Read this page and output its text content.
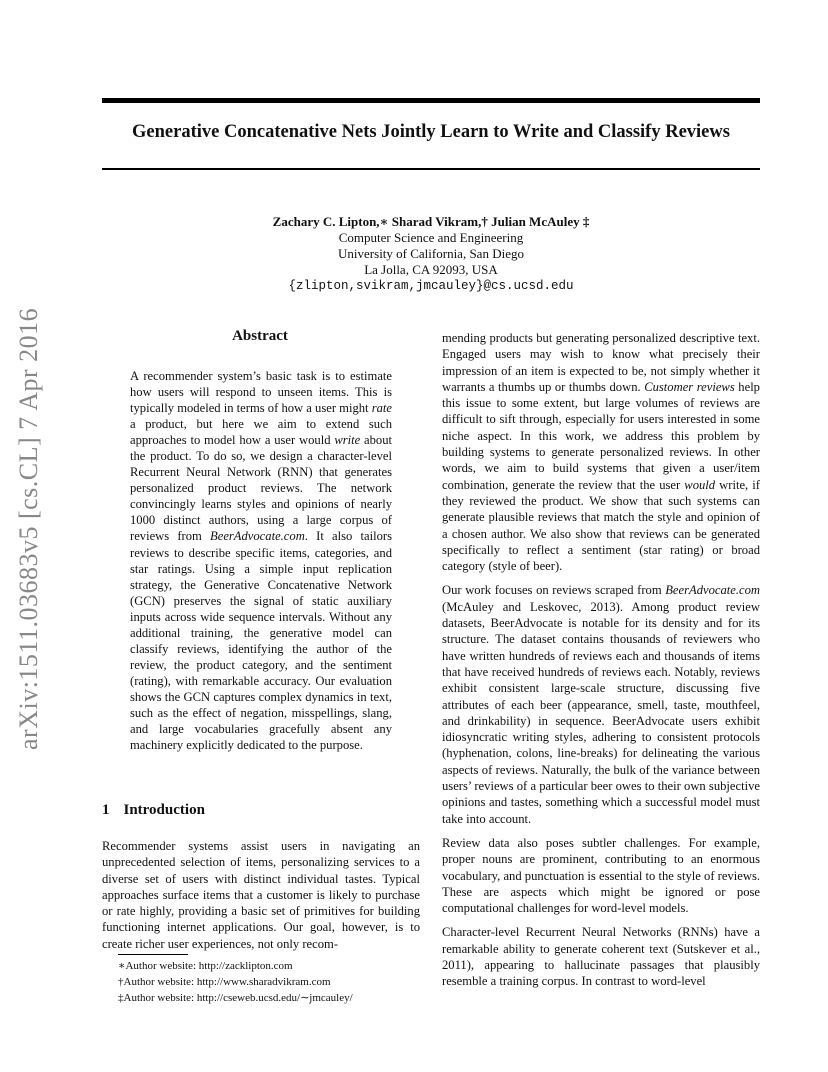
Generative Concatenative Nets Jointly Learn to Write and Classify Reviews
Zachary C. Lipton,∗ Sharad Vikram,† Julian McAuley ‡
Computer Science and Engineering
University of California, San Diego
La Jolla, CA 92093, USA
{zlipton,svikram,jmcauley}@cs.ucsd.edu
arXiv:1511.03683v5 [cs.CL] 7 Apr 2016	Abstract

A recommender system’s basic task is to estimate how users will respond to unseen items. This is typically modeled in terms of how a user might rate a product, but here we aim to extend such approaches to model how a user would write about the product. To do so, we design a character-level Recurrent Neural Network (RNN) that generates personalized product reviews. The network convincingly learns styles and opinions of nearly 1000 distinct authors, using a large corpus of reviews from BeerAdvocate.com. It also tailors reviews to describe specific items, categories, and star ratings. Using a simple input replication strategy, the Generative Concatenative Network (GCN) preserves the signal of static auxiliary inputs across wide sequence intervals. Without any additional training, the generative model can classify reviews, identifying the author of the review, the product category, and the sentiment (rating), with remarkable accuracy. Our evaluation shows the GCN captures complex dynamics in text, such as the effect of negation, misspellings, slang, and large vocabularies gracefully absent any machinery explicitly dedicated to the purpose.

1 Introduction

Recommender systems assist users in navigating an unprecedented selection of items, personalizing services to a diverse set of users with distinct individual tastes. Typical approaches surface items that a customer is likely to purchase or rate highly, providing a basic set of primitives for building functioning internet applications. Our goal, however, is to create richer user experiences, not only recom-

∗Author website: http://zacklipton.com
†Author website: http://www.sharadvikram.com
‡Author website: http://cseweb.ucsd.edu/∼jmcauley/

mending products but generating personalized descriptive text. Engaged users may wish to know what precisely their impression of an item is expected to be, not simply whether it warrants a thumbs up or thumbs down. Customer reviews help this issue to some extent, but large volumes of reviews are difficult to sift through, especially for users interested in some niche aspect. In this work, we address this problem by building systems to generate personalized reviews. In other words, we aim to build systems that given a user/item combination, generate the review that the user would write, if they reviewed the product. We show that such systems can generate plausible reviews that match the style and opinion of a chosen author. We also show that reviews can be generated specifically to reflect a sentiment (star rating) or broad category (style of beer).

Our work focuses on reviews scraped from BeerAdvocate.com (McAuley and Leskovec, 2013). Among product review datasets, BeerAdvocate is notable for its density and for its structure. The dataset contains thousands of reviewers who have written hundreds of reviews each and thousands of items that have received hundreds of reviews each. Notably, reviews exhibit consistent large-scale structure, discussing five attributes of each beer (appearance, smell, taste, mouthfeel, and drinkability) in sequence. BeerAdvocate users exhibit idiosyncratic writing styles, adhering to consistent protocols (hyphenation, colons, line-breaks) for delineating the various aspects of reviews. Naturally, the bulk of the variance between users’ reviews of a particular beer owes to their own subjective opinions and tastes, something which a successful model must take into account.

Review data also poses subtler challenges. For example, proper nouns are prominent, contributing to an enormous vocabulary, and punctuation is essential to the style of reviews. These are aspects which might be ignored or pose computational challenges for word-level models.

Character-level Recurrent Neural Networks (RNNs) have a remarkable ability to generate coherent text (Sutskever et al., 2011), appearing to hallucinate passages that plausibly resemble a training corpus. In contrast to word-level
